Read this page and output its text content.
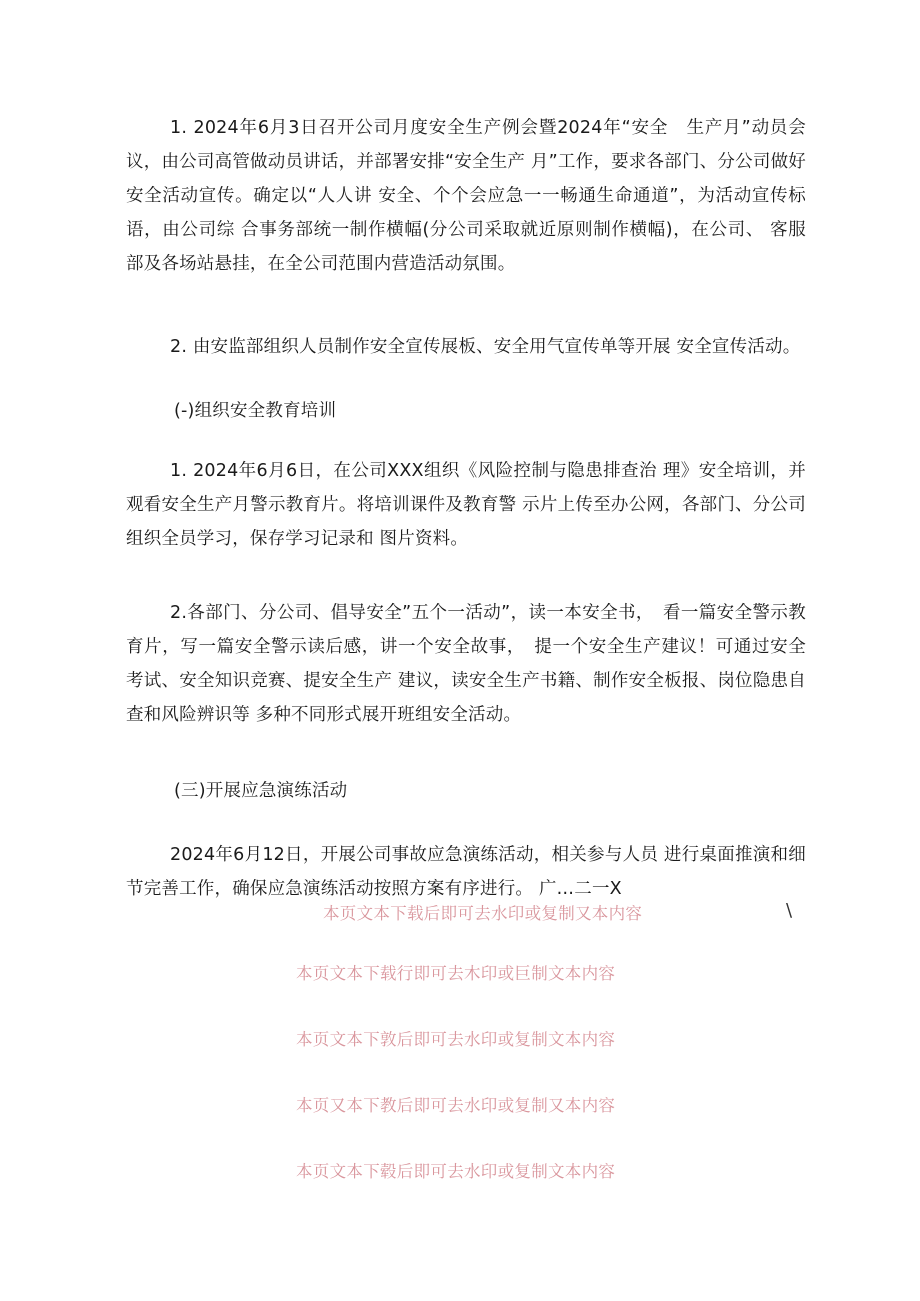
1. 2024年6月3日召开公司月度安全生产例会暨2024年“安全　生产月”动员会议，由公司高管做动员讲话，并部署安排“安全生产 月”工作，要求各部门、分公司做好安全活动宣传。确定以“人人讲 安全、个个会应急一一畅通生命通道”，为活动宣传标语，由公司综 合事务部统一制作横幅(分公司采取就近原则制作横幅)，在公司、 客服部及各场站悬挂，在全公司范围内营造活动氛围。

2. 由安监部组织人员制作安全宣传展板、安全用气宣传单等开展 安全宣传活动。

(-)组织安全教育培训

1. 2024年6月6日，在公司XXX组织《风险控制与隐患排查治 理》安全培训，并观看安全生产月警示教育片。将培训课件及教育警 示片上传至办公网，各部门、分公司组织全员学习，保存学习记录和 图片资料。

2.各部门、分公司、倡导安全”五个一活动”，读一本安全书，　看一篇安全警示教育片，写一篇安全警示读后感，讲一个安全故事，　提一个安全生产建议！可通过安全考试、安全知识竞赛、提安全生产 建议，读安全生产书籍、制作安全板报、岗位隐患自查和风险辨识等 多种不同形式展开班组安全活动。

(三)开展应急演练活动

2024年6月12日，开展公司事故应急演练活动，相关参与人员 进行桌面推演和细节完善工作，确保应急演练活动按照方案有序进行。 广…二一X

本页文本下载后即可去水印或复制又本内容	\
本页文本下载行即可去木印或巨制文本内容
本页文本下敦后即可去水印或复制文本内容
本页又本下教后即可去水印或复制又本内容
本页文本下毂后即可去水印或复制文本内容
